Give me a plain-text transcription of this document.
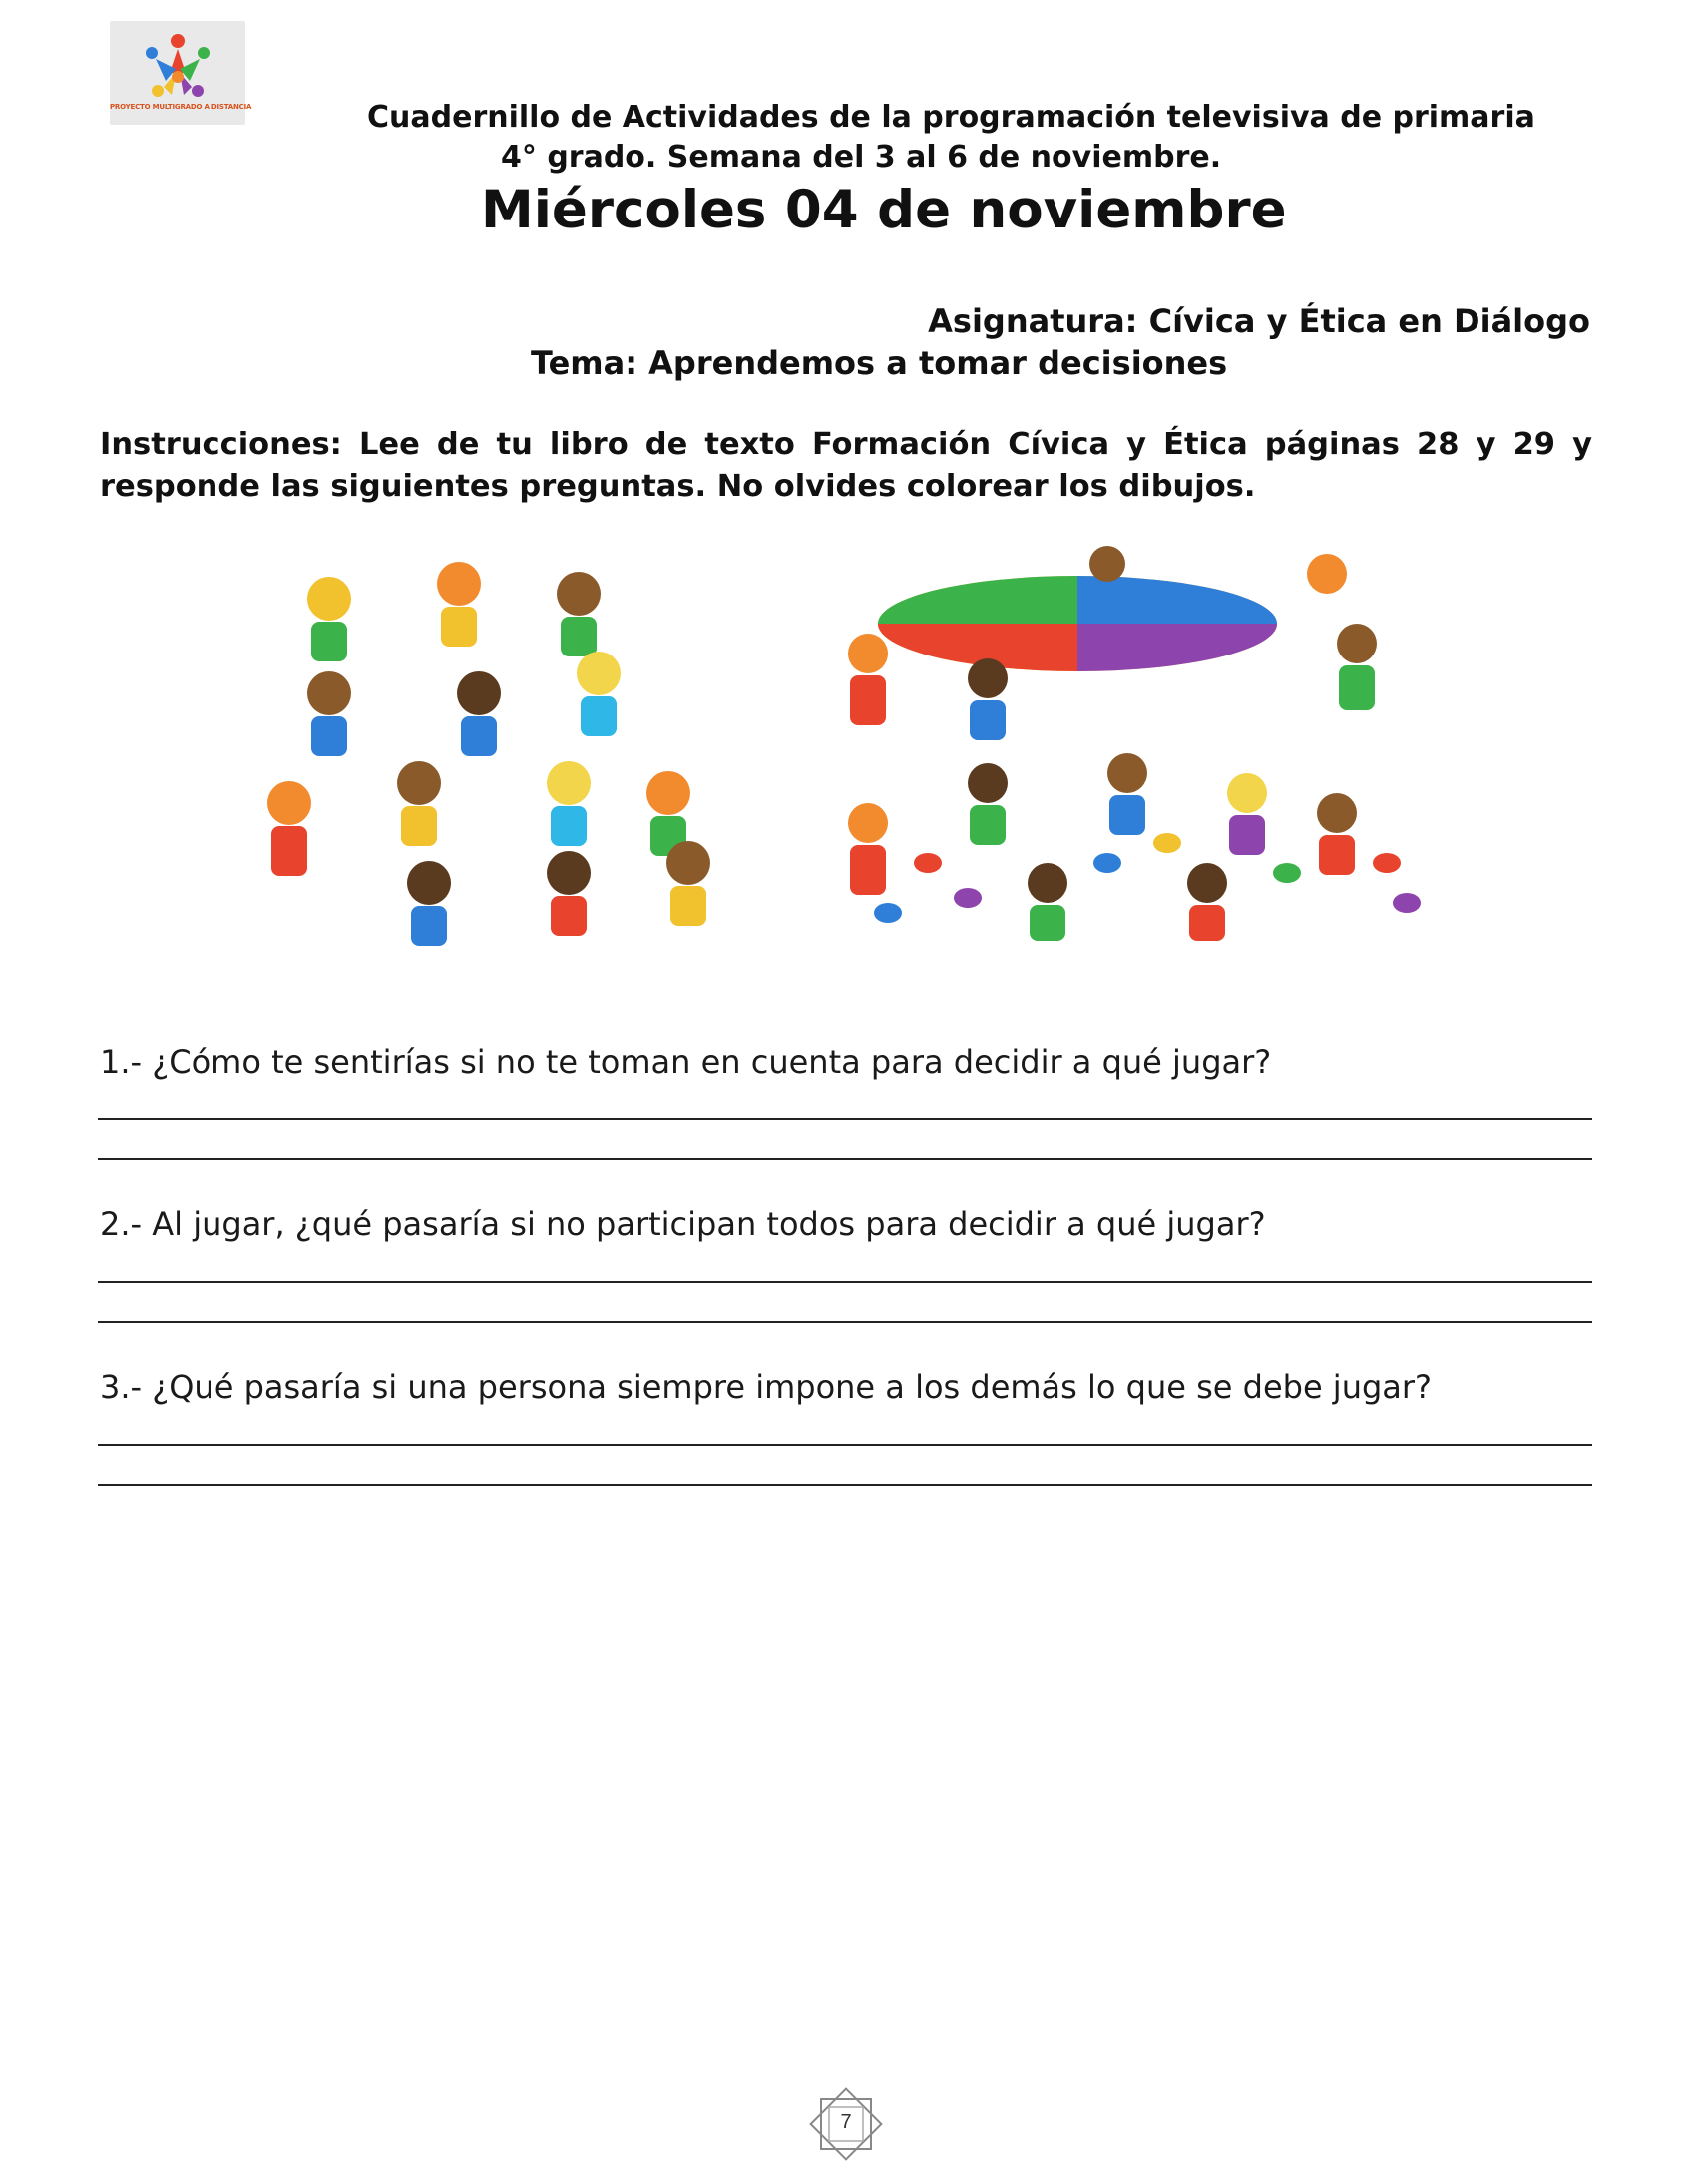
PROYECTO MULTIGRADO A DISTANCIA	Cuadernillo de Actividades de la programación televisiva de primaria
4° grado. Semana del 3 al 6 de noviembre.
Miércoles 04 de noviembre
Asignatura: Cívica y Ética en Diálogo
Tema: Aprendemos a tomar decisiones
Instrucciones: Lee de tu libro de texto Formación Cívica y Ética páginas 28 y 29 y responde las siguientes preguntas. No olvides colorear los dibujos.
1.- ¿Cómo te sentirías si no te toman en cuenta para decidir a qué jugar?
2.- Al jugar, ¿qué pasaría si no participan todos para decidir a qué jugar?
3.- ¿Qué pasaría si una persona siempre impone a los demás lo que se debe jugar?
7
